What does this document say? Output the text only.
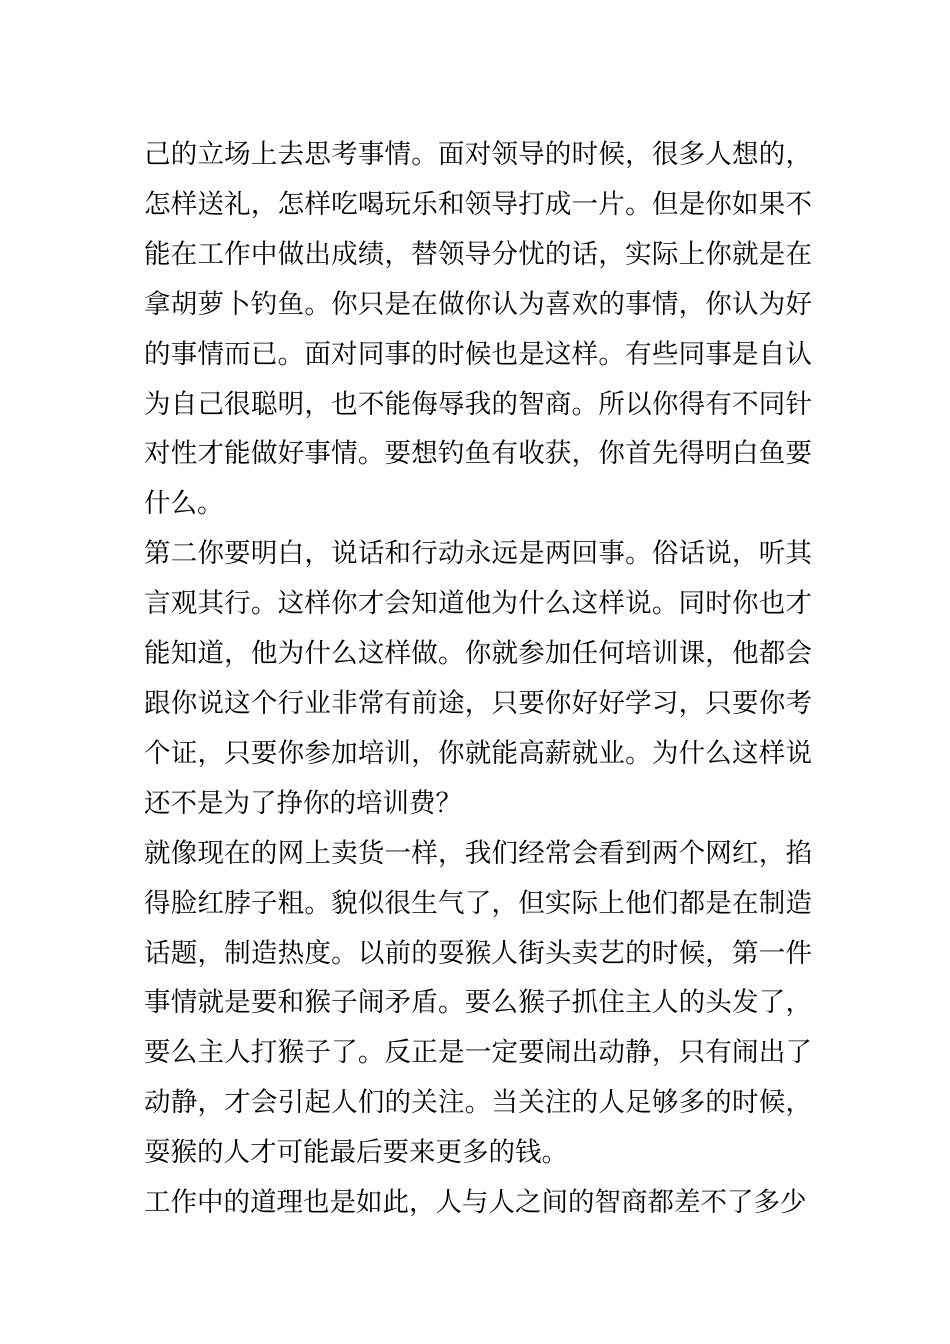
己的立场上去思考事情。面对领导的时候，很多人想的，怎样送礼，怎样吃喝玩乐和领导打成一片。但是你如果不能在工作中做出成绩，替领导分忧的话，实际上你就是在拿胡萝卜钓鱼。你只是在做你认为喜欢的事情，你认为好的事情而已。面对同事的时候也是这样。有些同事是自认为自己很聪明，也不能侮辱我的智商。所以你得有不同针对性才能做好事情。要想钓鱼有收获，你首先得明白鱼要什么。

第二你要明白，说话和行动永远是两回事。俗话说，听其言观其行。这样你才会知道他为什么这样说。同时你也才能知道，他为什么这样做。你就参加任何培训课，他都会跟你说这个行业非常有前途，只要你好好学习，只要你考个证，只要你参加培训，你就能高薪就业。为什么这样说还不是为了挣你的培训费？

就像现在的网上卖货一样，我们经常会看到两个网红，掐得脸红脖子粗。貌似很生气了，但实际上他们都是在制造话题，制造热度。以前的耍猴人街头卖艺的时候，第一件事情就是要和猴子闹矛盾。要么猴子抓住主人的头发了，要么主人打猴子了。反正是一定要闹出动静，只有闹出了动静，才会引起人们的关注。当关注的人足够多的时候，耍猴的人才可能最后要来更多的钱。

工作中的道理也是如此，人与人之间的智商都差不了多少
